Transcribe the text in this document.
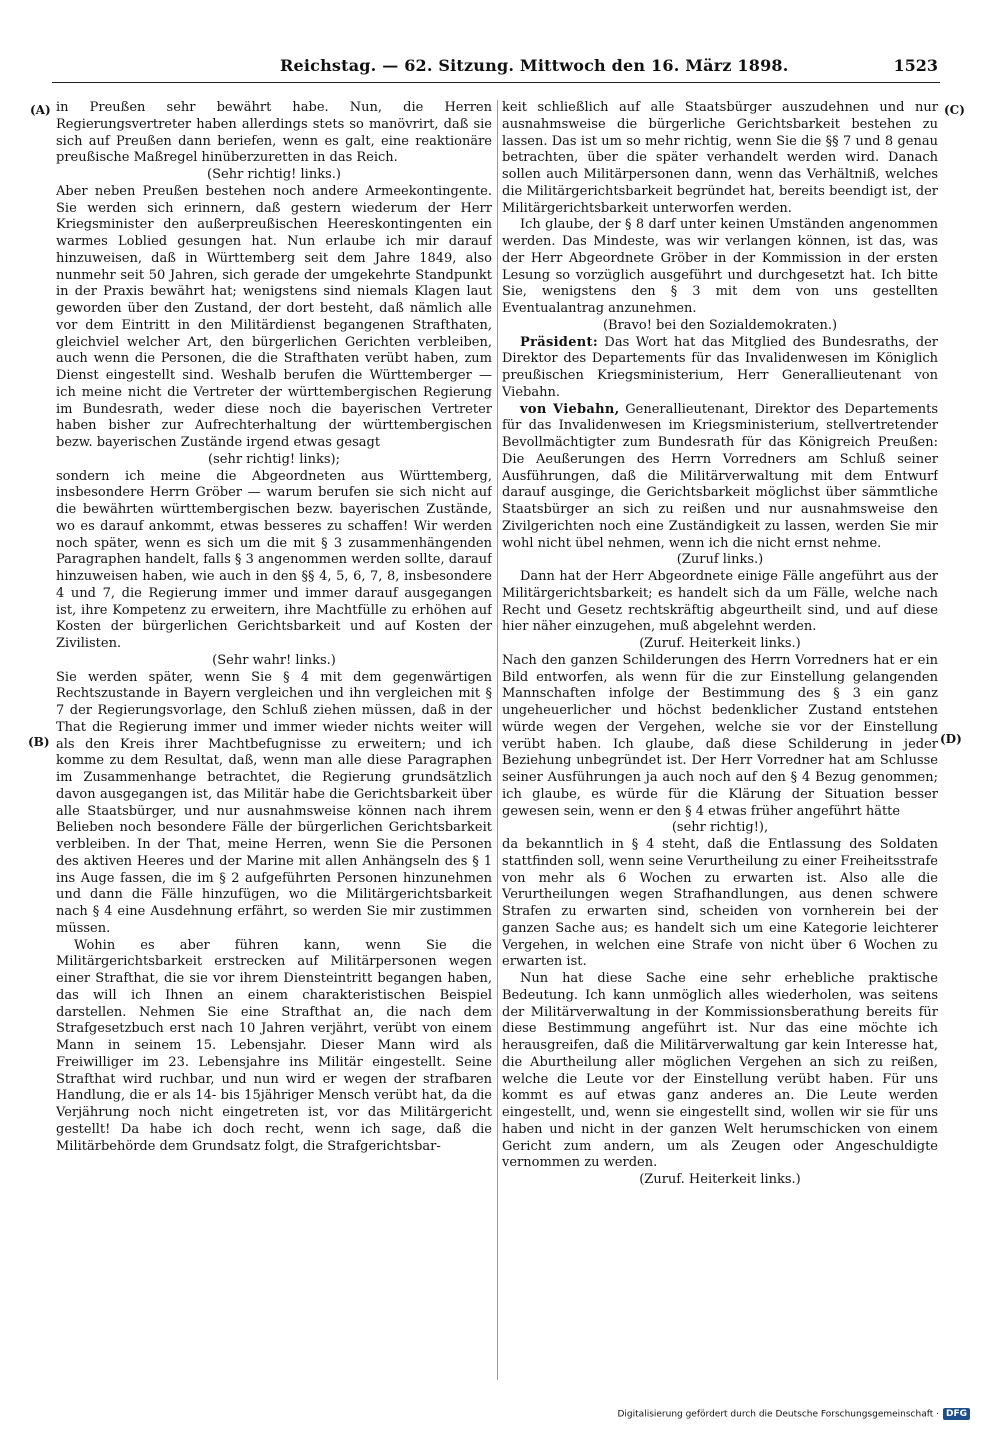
Reichstag. — 62. Sitzung. Mittwoch den 16. März 1898.	1523
(A)
(B)
(C)
(D)

in Preußen sehr bewährt habe. Nun, die Herren Regierungsvertreter haben allerdings stets so manövrirt, daß sie sich auf Preußen dann beriefen, wenn es galt, eine reaktionäre preußische Maßregel hinüberzuretten in das Reich.

(Sehr richtig! links.)

Aber neben Preußen bestehen noch andere Armeekontingente. Sie werden sich erinnern, daß gestern wiederum der Herr Kriegsminister den außerpreußischen Heereskontingenten ein warmes Loblied gesungen hat. Nun erlaube ich mir darauf hinzuweisen, daß in Württemberg seit dem Jahre 1849, also nunmehr seit 50 Jahren, sich gerade der umgekehrte Standpunkt in der Praxis bewährt hat; wenigstens sind niemals Klagen laut geworden über den Zustand, der dort besteht, daß nämlich alle vor dem Eintritt in den Militärdienst begangenen Strafthaten, gleichviel welcher Art, den bürgerlichen Gerichten verbleiben, auch wenn die Personen, die die Strafthaten verübt haben, zum Dienst eingestellt sind. Weshalb berufen die Württemberger — ich meine nicht die Vertreter der württembergischen Regierung im Bundesrath, weder diese noch die bayerischen Vertreter haben bisher zur Aufrechterhaltung der württembergischen bezw. bayerischen Zustände irgend etwas gesagt

(sehr richtig! links);

sondern ich meine die Abgeordneten aus Württemberg, insbesondere Herrn Gröber — warum berufen sie sich nicht auf die bewährten württembergischen bezw. bayerischen Zustände, wo es darauf ankommt, etwas besseres zu schaffen! Wir werden noch später, wenn es sich um die mit § 3 zusammenhängenden Paragraphen handelt, falls § 3 angenommen werden sollte, darauf hinzuweisen haben, wie auch in den §§ 4, 5, 6, 7, 8, insbesondere 4 und 7, die Regierung immer und immer darauf ausgegangen ist, ihre Kompetenz zu erweitern, ihre Machtfülle zu erhöhen auf Kosten der bürgerlichen Gerichtsbarkeit und auf Kosten der Zivilisten.

(Sehr wahr! links.)

Sie werden später, wenn Sie § 4 mit dem gegenwärtigen Rechtszustande in Bayern vergleichen und ihn vergleichen mit § 7 der Regierungsvorlage, den Schluß ziehen müssen, daß in der That die Regierung immer und immer wieder nichts weiter will als den Kreis ihrer Machtbefugnisse zu erweitern; und ich komme zu dem Resultat, daß, wenn man alle diese Paragraphen im Zusammenhange betrachtet, die Regierung grundsätzlich davon ausgegangen ist, das Militär habe die Gerichtsbarkeit über alle Staatsbürger, und nur ausnahmsweise können nach ihrem Belieben noch besondere Fälle der bürgerlichen Gerichtsbarkeit verbleiben. In der That, meine Herren, wenn Sie die Personen des aktiven Heeres und der Marine mit allen Anhängseln des § 1 ins Auge fassen, die im § 2 aufgeführten Personen hinzunehmen und dann die Fälle hinzufügen, wo die Militärgerichtsbarkeit nach § 4 eine Ausdehnung erfährt, so werden Sie mir zustimmen müssen.

Wohin es aber führen kann, wenn Sie die Militärgerichtsbarkeit erstrecken auf Militärpersonen wegen einer Strafthat, die sie vor ihrem Diensteintritt begangen haben, das will ich Ihnen an einem charakteristischen Beispiel darstellen. Nehmen Sie eine Strafthat an, die nach dem Strafgesetzbuch erst nach 10 Jahren verjährt, verübt von einem Mann in seinem 15. Lebensjahr. Dieser Mann wird als Freiwilliger im 23. Lebensjahre ins Militär eingestellt. Seine Strafthat wird ruchbar, und nun wird er wegen der strafbaren Handlung, die er als 14- bis 15jähriger Mensch verübt hat, da die Verjährung noch nicht eingetreten ist, vor das Militärgericht gestellt! Da habe ich doch recht, wenn ich sage, daß die Militärbehörde dem Grundsatz folgt, die Strafgerichtsbar-

keit schließlich auf alle Staatsbürger auszudehnen und nur ausnahmsweise die bürgerliche Gerichtsbarkeit bestehen zu lassen. Das ist um so mehr richtig, wenn Sie die §§ 7 und 8 genau betrachten, über die später verhandelt werden wird. Danach sollen auch Militärpersonen dann, wenn das Verhältniß, welches die Militärgerichtsbarkeit begründet hat, bereits beendigt ist, der Militärgerichtsbarkeit unterworfen werden.

Ich glaube, der § 8 darf unter keinen Umständen angenommen werden. Das Mindeste, was wir verlangen können, ist das, was der Herr Abgeordnete Gröber in der Kommission in der ersten Lesung so vorzüglich ausgeführt und durchgesetzt hat. Ich bitte Sie, wenigstens den § 3 mit dem von uns gestellten Eventualantrag anzunehmen.

(Bravo! bei den Sozialdemokraten.)

Präsident: Das Wort hat das Mitglied des Bundesraths, der Direktor des Departements für das Invalidenwesen im Königlich preußischen Kriegsministerium, Herr Generallieutenant von Viebahn.

von Viebahn, Generallieutenant, Direktor des Departements für das Invalidenwesen im Kriegsministerium, stellvertretender Bevollmächtigter zum Bundesrath für das Königreich Preußen: Die Aeußerungen des Herrn Vorredners am Schluß seiner Ausführungen, daß die Militärverwaltung mit dem Entwurf darauf ausginge, die Gerichtsbarkeit möglichst über sämmtliche Staatsbürger an sich zu reißen und nur ausnahmsweise den Zivilgerichten noch eine Zuständigkeit zu lassen, werden Sie mir wohl nicht übel nehmen, wenn ich die nicht ernst nehme.

(Zuruf links.)

Dann hat der Herr Abgeordnete einige Fälle angeführt aus der Militärgerichtsbarkeit; es handelt sich da um Fälle, welche nach Recht und Gesetz rechtskräftig abgeurtheilt sind, und auf diese hier näher einzugehen, muß abgelehnt werden.

(Zuruf. Heiterkeit links.)

Nach den ganzen Schilderungen des Herrn Vorredners hat er ein Bild entworfen, als wenn für die zur Einstellung gelangenden Mannschaften infolge der Bestimmung des § 3 ein ganz ungeheuerlicher und höchst bedenklicher Zustand entstehen würde wegen der Vergehen, welche sie vor der Einstellung verübt haben. Ich glaube, daß diese Schilderung in jeder Beziehung unbegründet ist. Der Herr Vorredner hat am Schlusse seiner Ausführungen ja auch noch auf den § 4 Bezug genommen; ich glaube, es würde für die Klärung der Situation besser gewesen sein, wenn er den § 4 etwas früher angeführt hätte

(sehr richtig!),

da bekanntlich in § 4 steht, daß die Entlassung des Soldaten stattfinden soll, wenn seine Verurtheilung zu einer Freiheitsstrafe von mehr als 6 Wochen zu erwarten ist. Also alle die Verurtheilungen wegen Strafhandlungen, aus denen schwere Strafen zu erwarten sind, scheiden von vornherein bei der ganzen Sache aus; es handelt sich um eine Kategorie leichterer Vergehen, in welchen eine Strafe von nicht über 6 Wochen zu erwarten ist.

Nun hat diese Sache eine sehr erhebliche praktische Bedeutung. Ich kann unmöglich alles wiederholen, was seitens der Militärverwaltung in der Kommissionsberathung bereits für diese Bestimmung angeführt ist. Nur das eine möchte ich herausgreifen, daß die Militärverwaltung gar kein Interesse hat, die Aburtheilung aller möglichen Vergehen an sich zu reißen, welche die Leute vor der Einstellung verübt haben. Für uns kommt es auf etwas ganz anderes an. Die Leute werden eingestellt, und, wenn sie eingestellt sind, wollen wir sie für uns haben und nicht in der ganzen Welt herumschicken von einem Gericht zum andern, um als Zeugen oder Angeschuldigte vernommen zu werden.

(Zuruf. Heiterkeit links.)

Digitalisierung gefördert durch die Deutsche Forschungsgemeinschaft · DFG
